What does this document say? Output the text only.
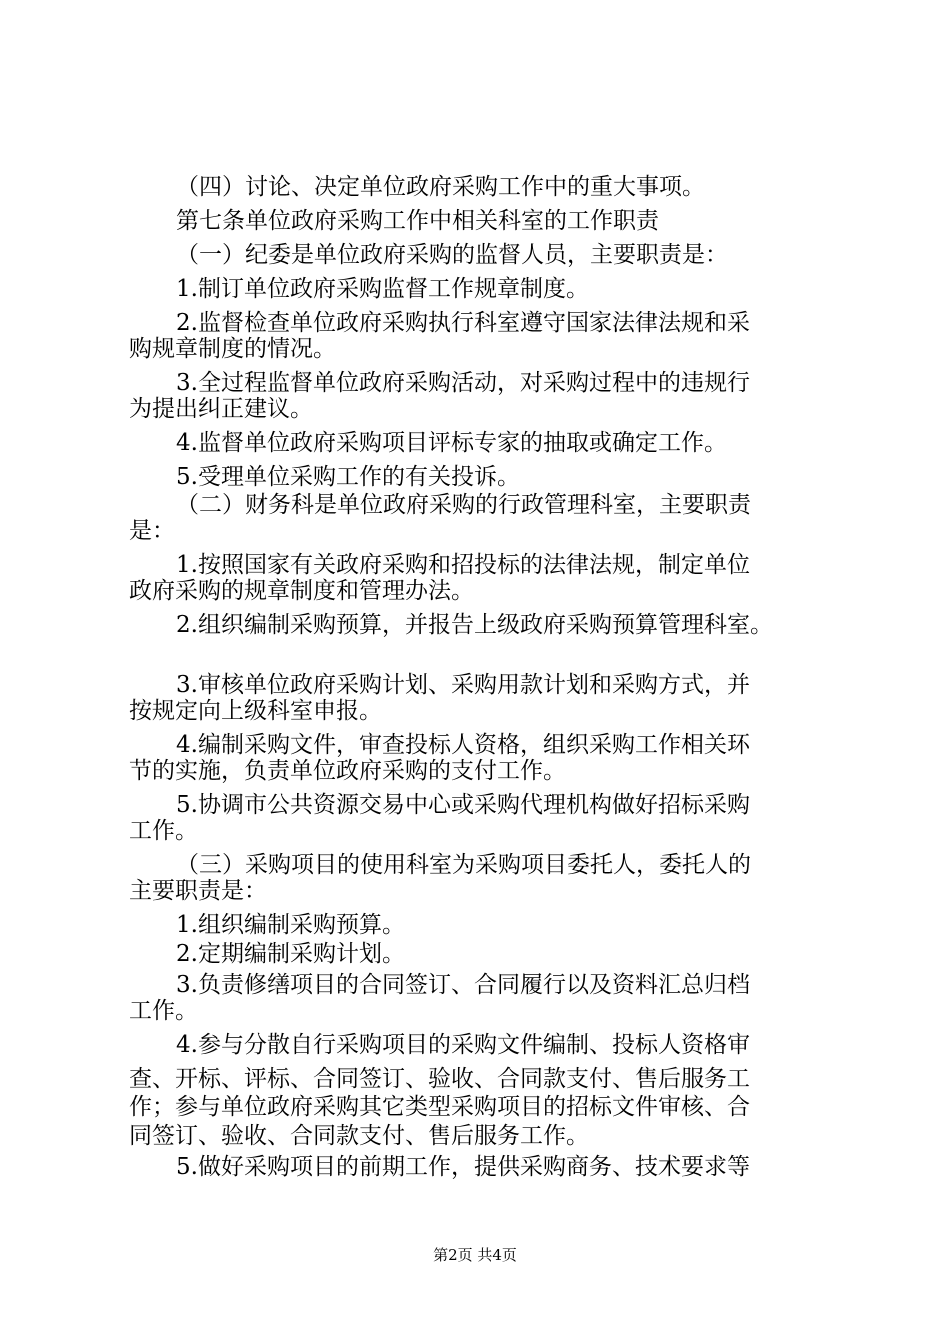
（四）讨论、决定单位政府采购工作中的重大事项。
第七条单位政府采购工作中相关科室的工作职责
（一）纪委是单位政府采购的监督人员，主要职责是：
1.制订单位政府采购监督工作规章制度。
2.监督检查单位政府采购执行科室遵守国家法律法规和采
购规章制度的情况。
3.全过程监督单位政府采购活动，对采购过程中的违规行
为提出纠正建议。
4.监督单位政府采购项目评标专家的抽取或确定工作。
5.受理单位采购工作的有关投诉。
（二）财务科是单位政府采购的行政管理科室，主要职责
是：
1.按照国家有关政府采购和招投标的法律法规，制定单位
政府采购的规章制度和管理办法。
2.组织编制采购预算，并报告上级政府采购预算管理科室。
3.审核单位政府采购计划、采购用款计划和采购方式，并
按规定向上级科室申报。
4.编制采购文件，审查投标人资格，组织采购工作相关环
节的实施，负责单位政府采购的支付工作。
5.协调市公共资源交易中心或采购代理机构做好招标采购
工作。
（三）采购项目的使用科室为采购项目委托人，委托人的
主要职责是：
1.组织编制采购预算。
2.定期编制采购计划。
3.负责修缮项目的合同签订、合同履行以及资料汇总归档
工作。
4.参与分散自行采购项目的采购文件编制、投标人资格审
查、开标、评标、合同签订、验收、合同款支付、售后服务工
作；参与单位政府采购其它类型采购项目的招标文件审核、合
同签订、验收、合同款支付、售后服务工作。
5.做好采购项目的前期工作，提供采购商务、技术要求等
第2页 共4页
